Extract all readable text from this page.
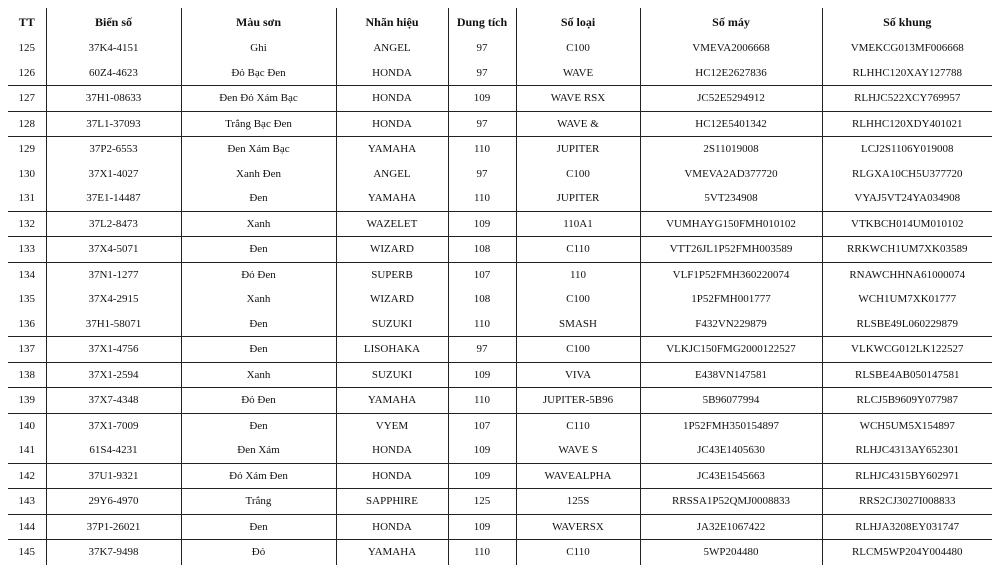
TT	Biển số	Màu sơn	Nhãn hiệu	Dung tích	Số loại	Số máy	Số khung
125	37K4-4151	Ghi	ANGEL	97	C100	VMEVA2006668	VMEKCG013MF006668
126	60Z4-4623	Đỏ Bạc Đen	HONDA	97	WAVE	HC12E2627836	RLHHC120XAY127788
127	37H1-08633	Đen Đỏ Xám Bạc	HONDA	109	WAVE RSX	JC52E5294912	RLHJC522XCY769957
128	37L1-37093	Trắng Bạc Đen	HONDA	97	WAVE &	HC12E5401342	RLHHC120XDY401021
129	37P2-6553	Đen Xám Bạc	YAMAHA	110	JUPITER	2S11019008	LCJ2S1106Y019008
130	37X1-4027	Xanh Đen	ANGEL	97	C100	VMEVA2AD377720	RLGXA10CH5U377720
131	37E1-14487	Đen	YAMAHA	110	JUPITER	5VT234908	VYAJ5VT24YA034908
132	37L2-8473	Xanh	WAZELET	109	110A1	VUMHAYG150FMH010102	VTKBCH014UM010102
133	37X4-5071	Đen	WIZARD	108	C110	VTT26JL1P52FMH003589	RRKWCH1UM7XK03589
134	37N1-1277	Đỏ Đen	SUPERB	107	110	VLF1P52FMH360220074	RNAWCHHNA61000074
135	37X4-2915	Xanh	WIZARD	108	C100	1P52FMH001777	WCH1UM7XK01777
136	37H1-58071	Đen	SUZUKI	110	SMASH	F432VN229879	RLSBE49L060229879
137	37X1-4756	Đen	LISOHAKA	97	C100	VLKJC150FMG2000122527	VLKWCG012LK122527
138	37X1-2594	Xanh	SUZUKI	109	VIVA	E438VN147581	RLSBE4AB050147581
139	37X7-4348	Đỏ Đen	YAMAHA	110	JUPITER-5B96	5B96077994	RLCJ5B9609Y077987
140	37X1-7009	Đen	VYEM	107	C110	1P52FMH350154897	WCH5UM5X154897
141	61S4-4231	Đen Xám	HONDA	109	WAVE S	JC43E1405630	RLHJC4313AY652301
142	37U1-9321	Đỏ Xám Đen	HONDA	109	WAVEALPHA	JC43E1545663	RLHJC4315BY602971
143	29Y6-4970	Trắng	SAPPHIRE	125	125S	RRSSA1P52QMJ0008833	RRS2CJ3027I008833
144	37P1-26021	Đen	HONDA	109	WAVERSX	JA32E1067422	RLHJA3208EY031747
145	37K7-9498	Đỏ	YAMAHA	110	C110	5WP204480	RLCM5WP204Y004480
